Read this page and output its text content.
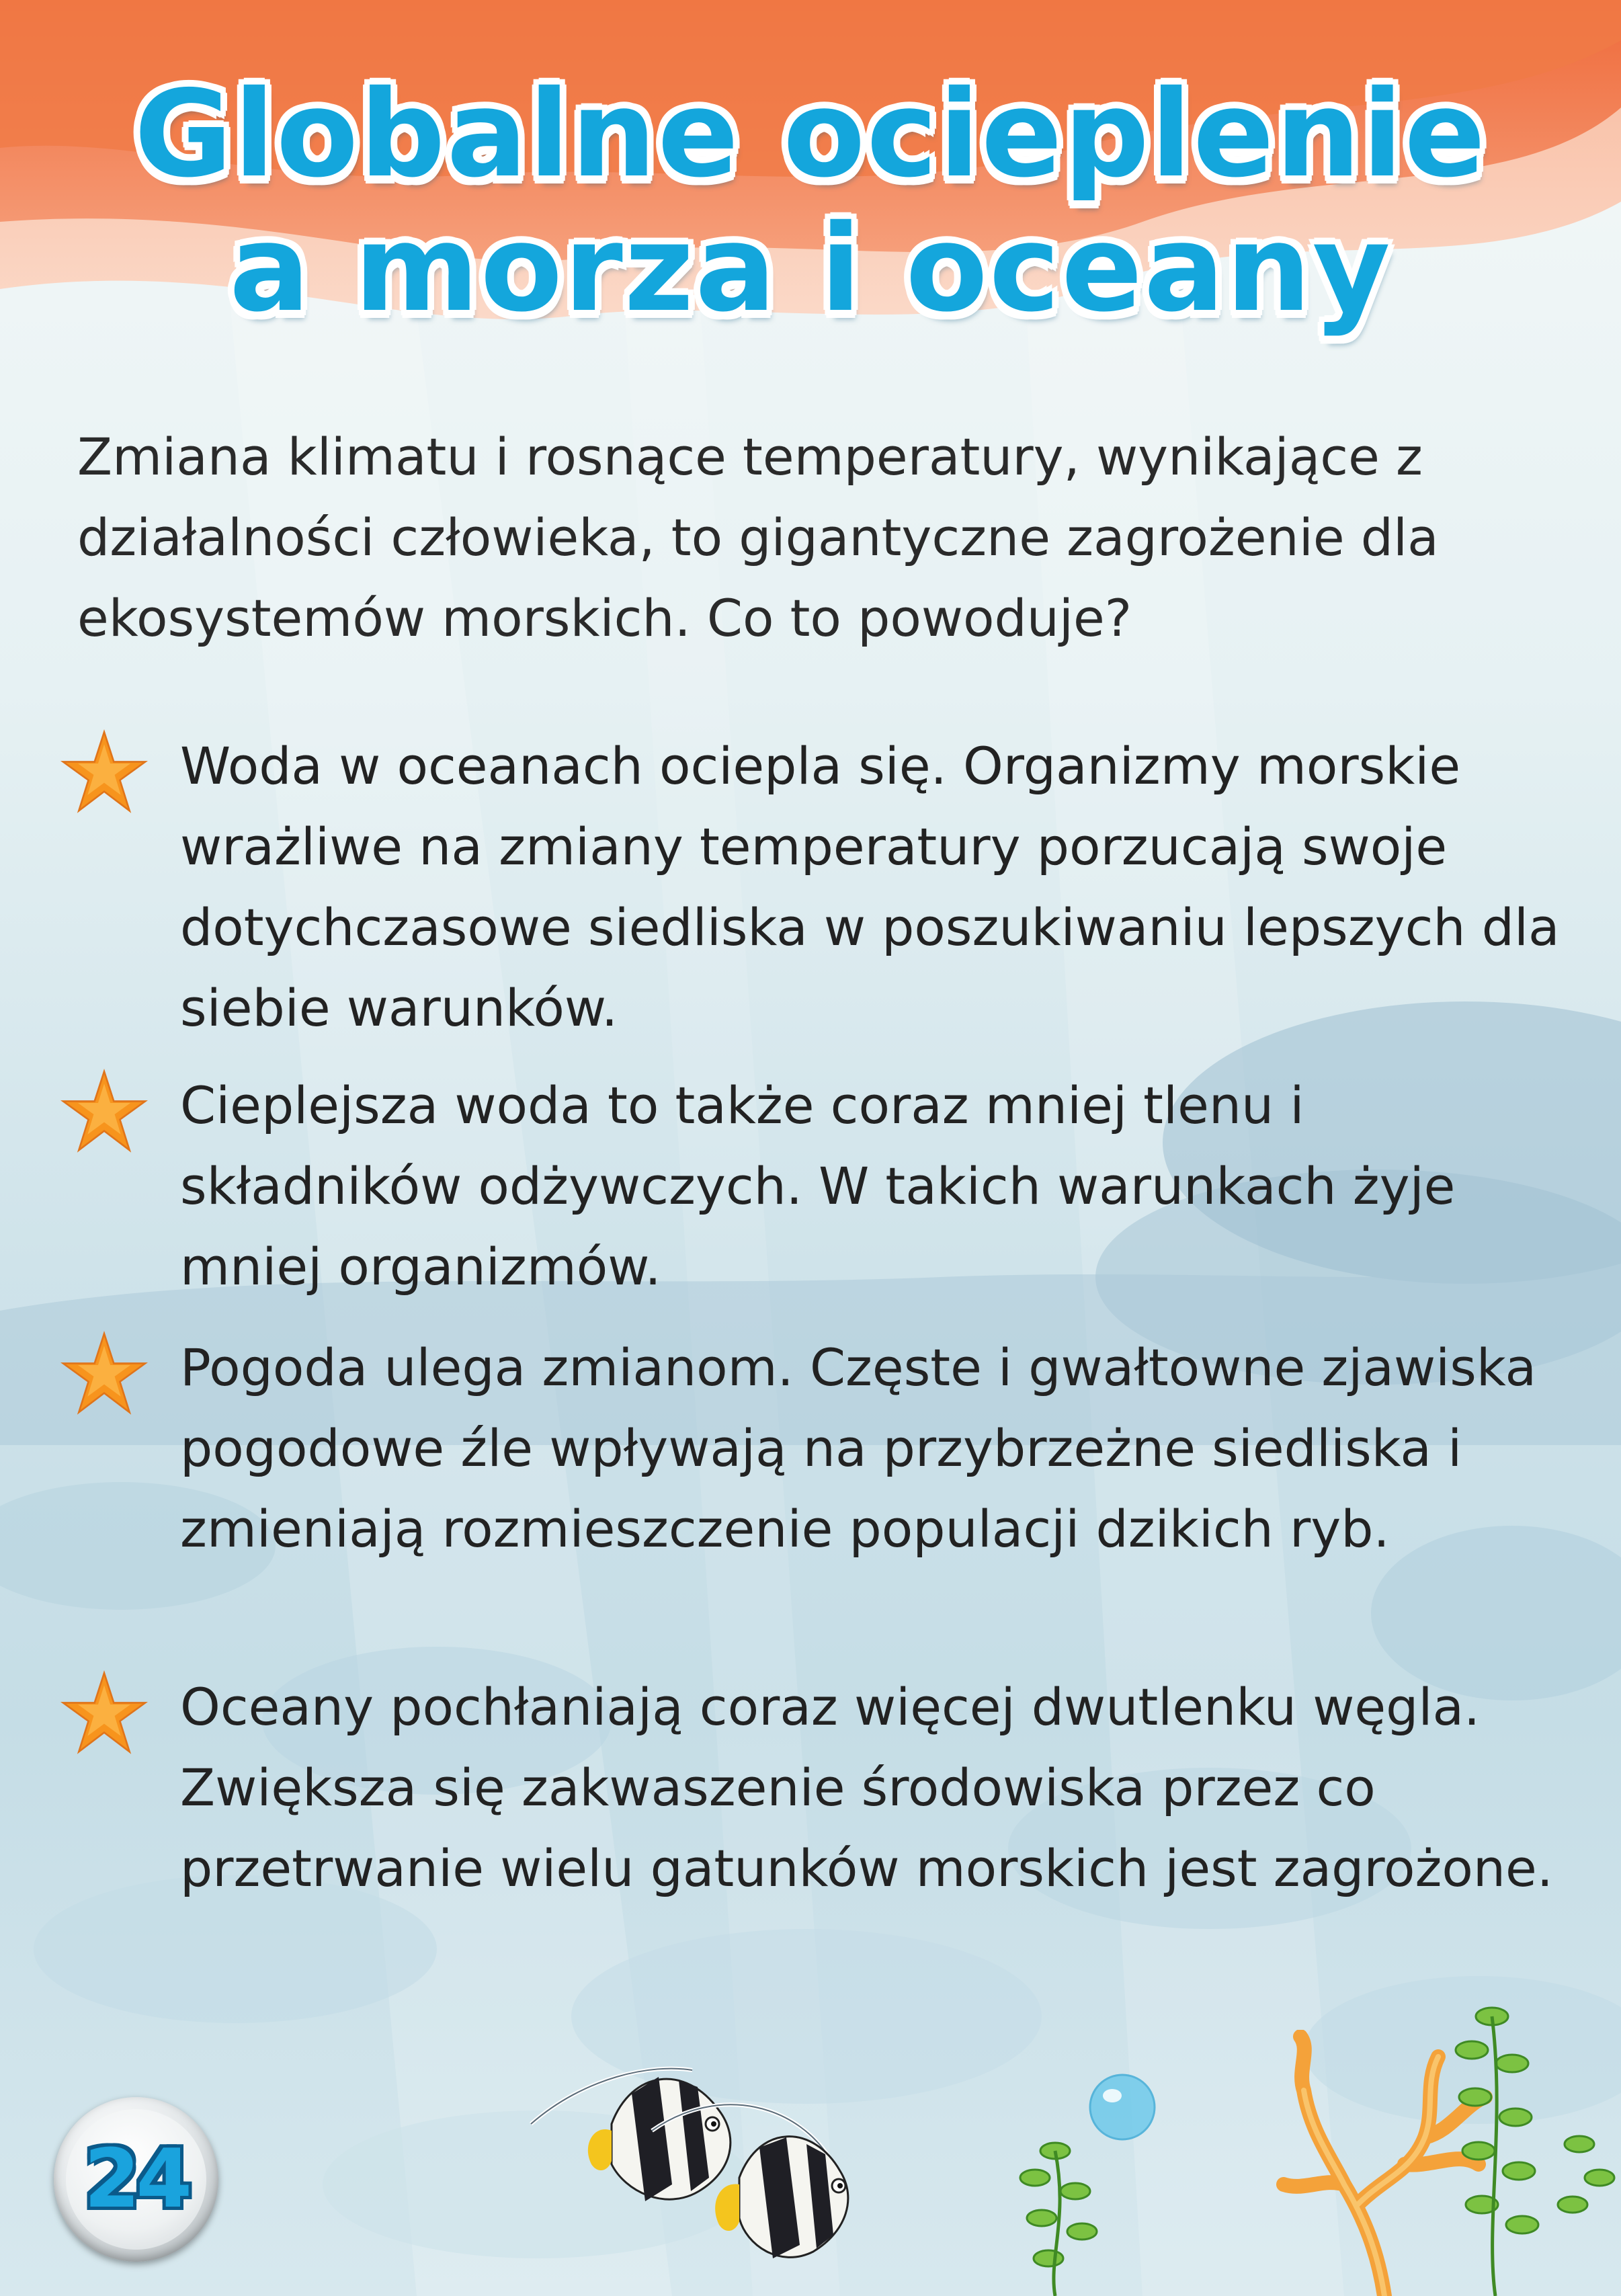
Globalne ocieplenie
a morza i oceany

Zmiana klimatu i rosnące temperatury, wynikające z działalności człowieka, to gigantyczne zagrożenie dla ekosystemów morskich. Co to powoduje?

Woda w oceanach ociepla się. Organizmy morskie wrażliwe na zmiany temperatury porzucają swoje dotychczasowe siedliska w poszukiwaniu lepszych dla siebie warunków.

Cieplejsza woda to także coraz mniej tlenu i składników odżywczych. W takich warunkach żyje mniej organizmów.

Pogoda ulega zmianom. Częste i gwałtowne zjawiska pogodowe źle wpływają na przybrzeżne siedliska i zmieniają rozmieszczenie populacji dzikich ryb.

Oceany pochłaniają coraz więcej dwutlenku węgla. Zwiększa się zakwaszenie środowiska przez co przetrwanie wielu gatunków morskich jest zagrożone.

24
